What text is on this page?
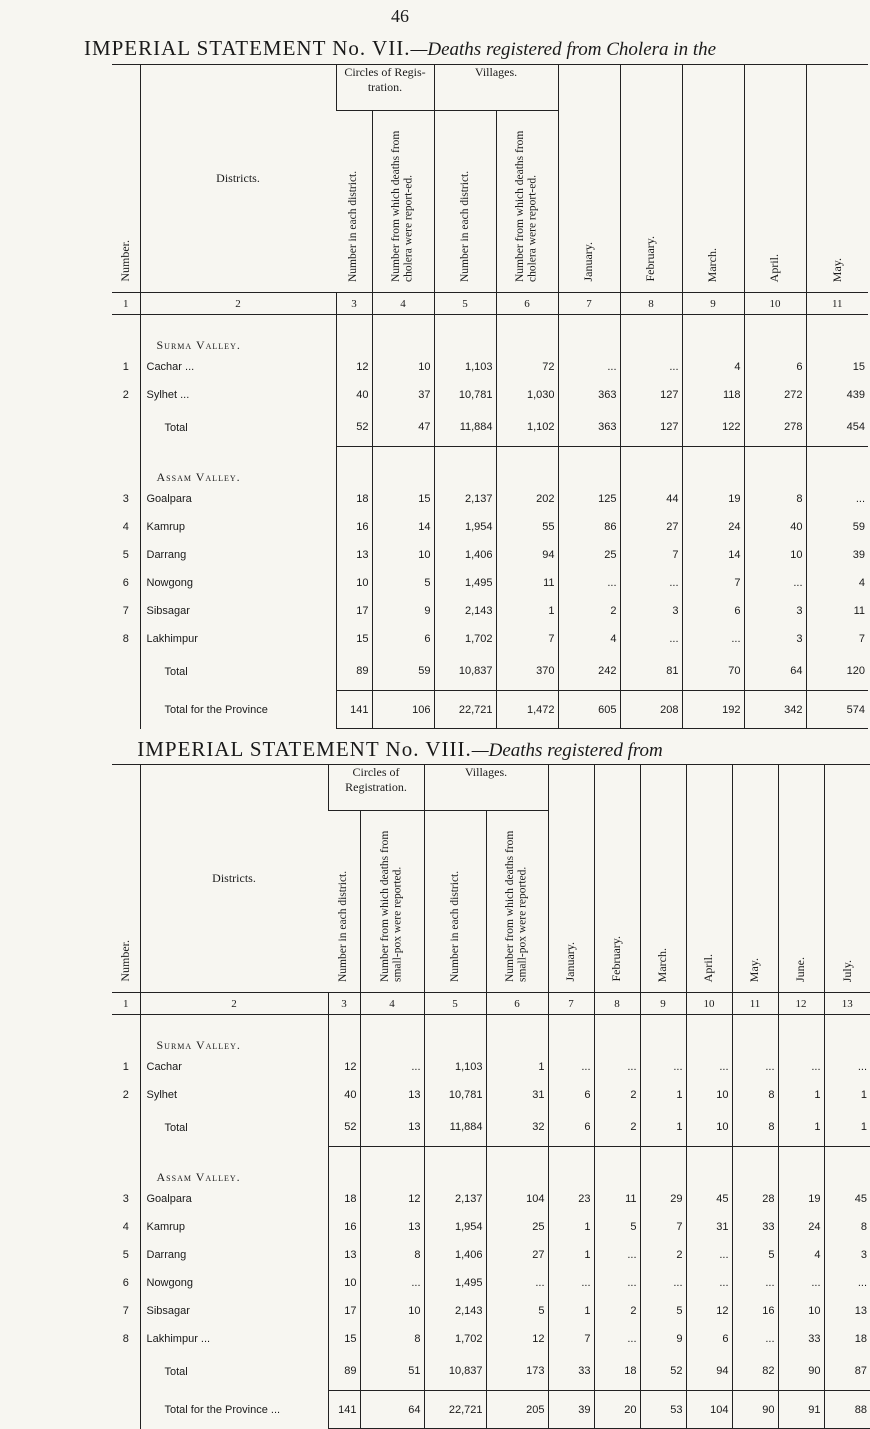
46
IMPERIAL STATEMENT No. VII.—Deaths registered from Cholera in the
Number.	Districts.	Circles of Regis-tration.		Villages.		January.	February.	March.	April.	May.
		Number in each district.	Number from which deaths from cholera were report-ed.	Number in each district.	Number from which deaths from cholera were report-ed.					
1	2	3	4	5	6	7	8	9	10	11
	Surma Valley.									
1	Cachar ...	12	10	1,103	72	...	...	4	6	15
2	Sylhet ...	40	37	10,781	1,030	363	127	118	272	439
	Total	52	47	11,884	1,102	363	127	122	278	454
	Assam Valley.									
3	Goalpara	18	15	2,137	202	125	44	19	8	...
4	Kamrup	16	14	1,954	55	86	27	24	40	59
5	Darrang	13	10	1,406	94	25	7	14	10	39
6	Nowgong	10	5	1,495	11	...	...	7	...	4
7	Sibsagar	17	9	2,143	1	2	3	6	3	11
8	Lakhimpur	15	6	1,702	7	4	...	...	3	7
	Total	89	59	10,837	370	242	81	70	64	120
	Total for the Province	141	106	22,721	1,472	605	208	192	342	574
IMPERIAL STATEMENT No. VIII.—Deaths registered from
Number.	Districts.	Circles of Registration.		Villages.		January.	February.	March.	April.	May.	June.	July.
		Number in each district.	Number from which deaths from small-pox were reported.	Number in each district.	Number from which deaths from small-pox were reported.							
1	2	3	4	5	6	7	8	9	10	11	12	13
	Surma Valley.											
1	Cachar	12	...	1,103	1	...	...	...	...	...	...	...
2	Sylhet	40	13	10,781	31	6	2	1	10	8	1	1
	Total	52	13	11,884	32	6	2	1	10	8	1	1
	Assam Valley.											
3	Goalpara	18	12	2,137	104	23	11	29	45	28	19	45
4	Kamrup	16	13	1,954	25	1	5	7	31	33	24	8
5	Darrang	13	8	1,406	27	1	...	2	...	5	4	3
6	Nowgong	10	...	1,495	...	...	...	...	...	...	...	...
7	Sibsagar	17	10	2,143	5	1	2	5	12	16	10	13
8	Lakhimpur ...	15	8	1,702	12	7	...	9	6	...	33	18
	Total	89	51	10,837	173	33	18	52	94	82	90	87
	Total for the Province ...	141	64	22,721	205	39	20	53	104	90	91	88
